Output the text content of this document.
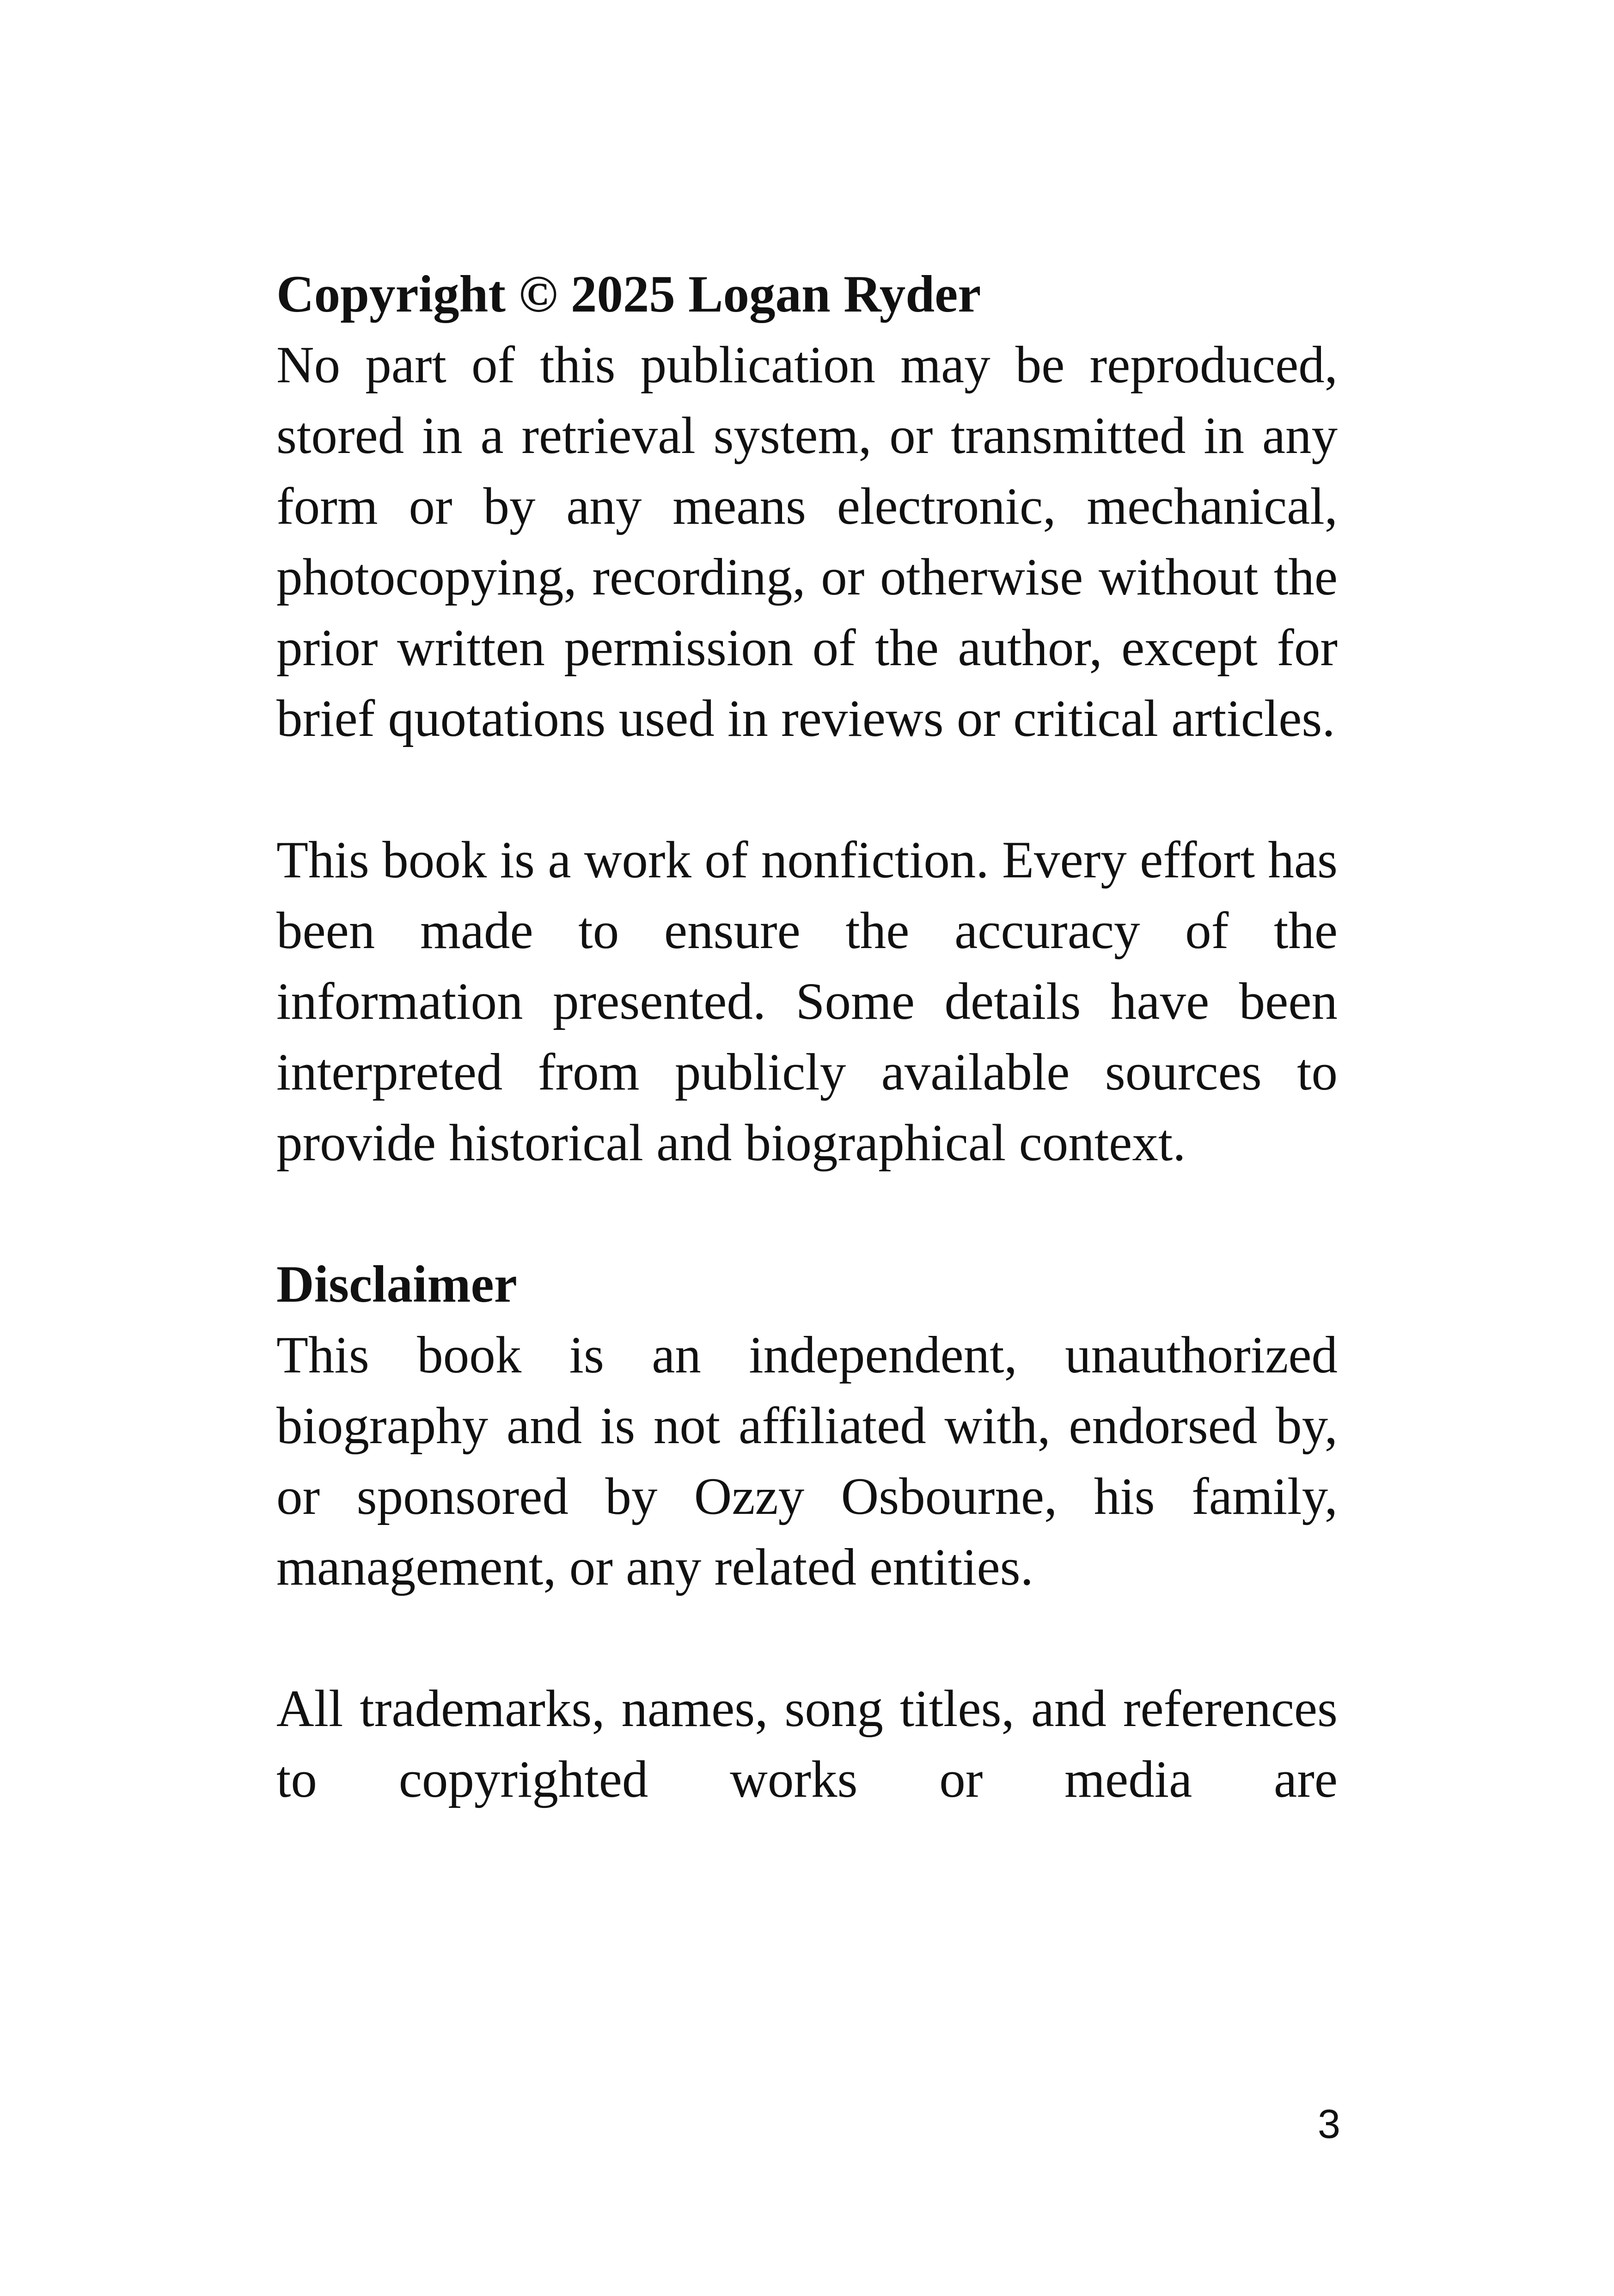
Copyright © 2025 Logan Ryder

No part of this publication may be reproduced, stored in a retrieval system, or transmitted in any form or by any means electronic, mechanical, photocopying, recording, or otherwise without the prior written permission of the author, except for brief quotations used in reviews or critical articles.

This book is a work of nonfiction. Every effort has been made to ensure the accuracy of the information presented. Some details have been interpreted from publicly available sources to provide historical and biographical context.

Disclaimer

This book is an independent, unauthorized biography and is not affiliated with, endorsed by, or sponsored by Ozzy Osbourne, his family, management, or any related entities.

All trademarks, names, song titles, and references to copyrighted works or media are

3
